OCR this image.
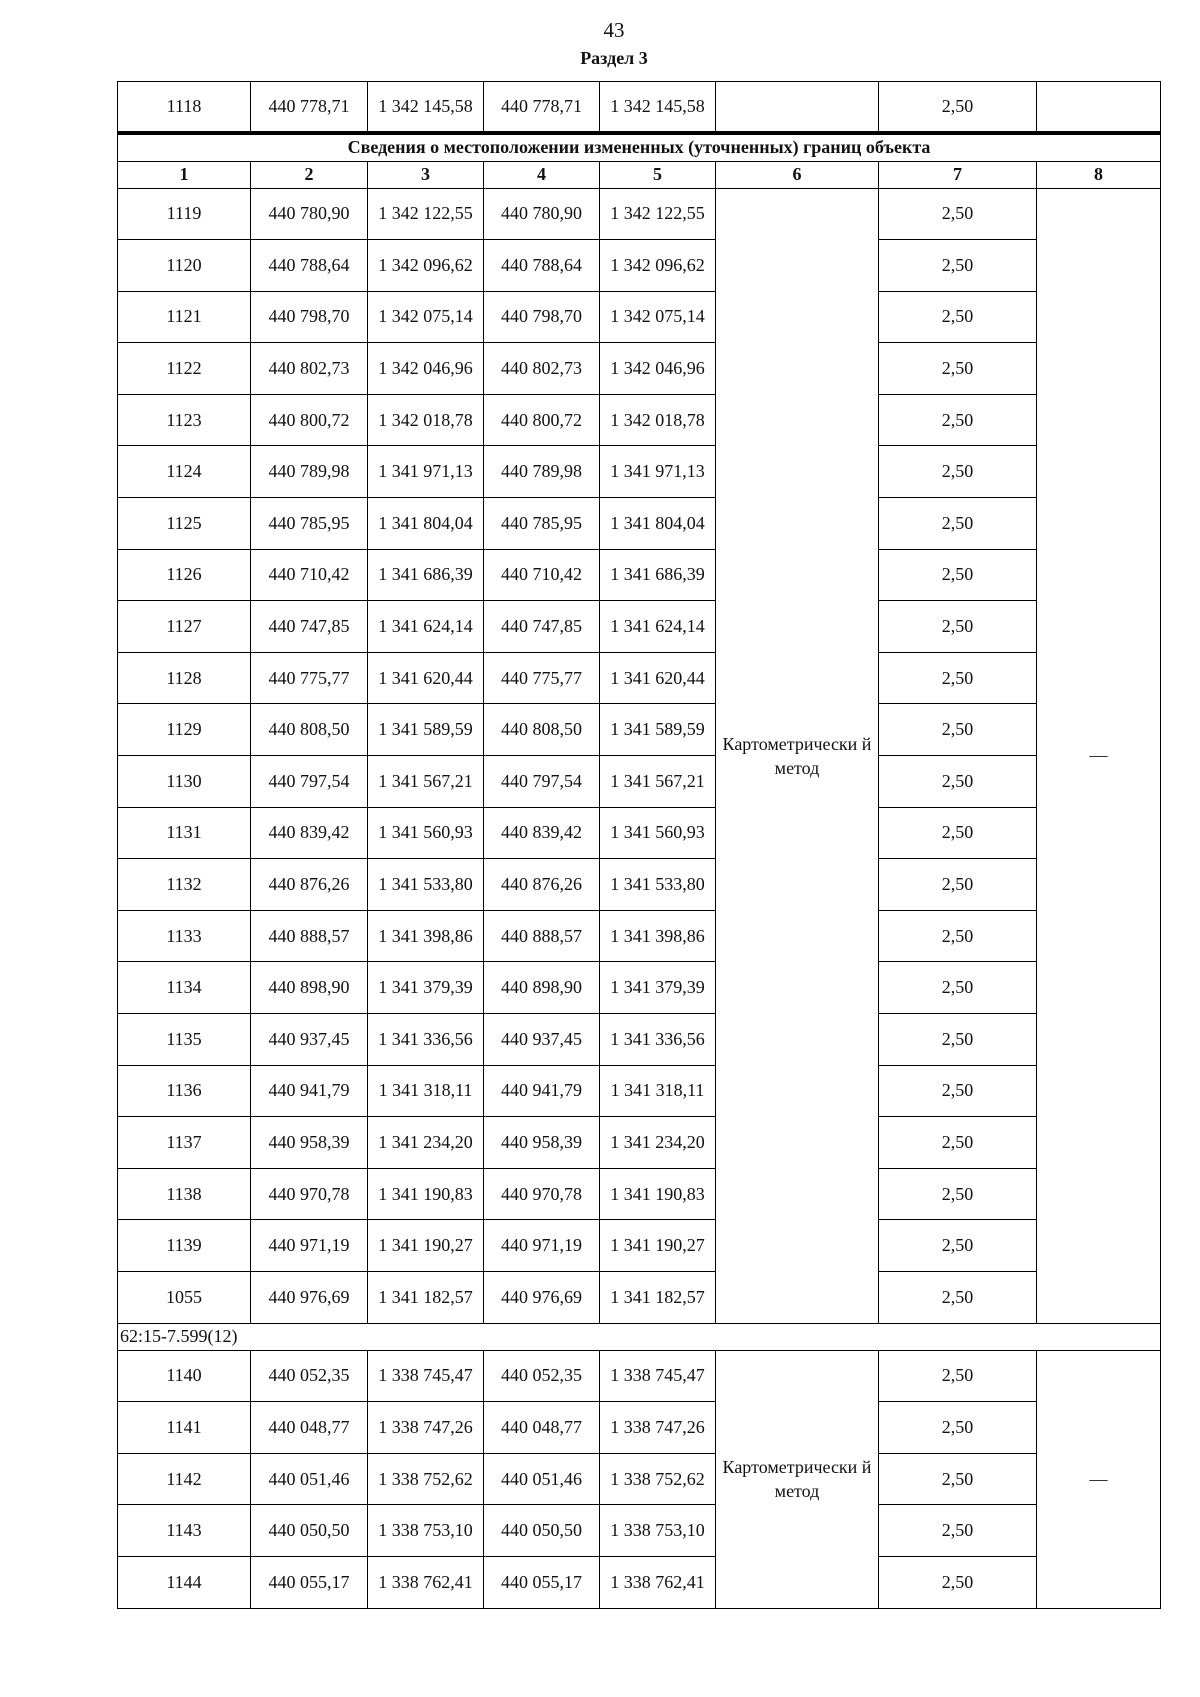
43
Раздел 3
1118	440 778,71	1 342 145,58	440 778,71	1 342 145,58		2,50	
Сведения о местоположении измененных (уточненных) границ объекта							
1	2	3	4	5	6	7	8
1119	440 780,90	1 342 122,55	440 780,90	1 342 122,55	Картометрически й метод	2,50	—
1120	440 788,64	1 342 096,62	440 788,64	1 342 096,62		2,50	
1121	440 798,70	1 342 075,14	440 798,70	1 342 075,14		2,50	
1122	440 802,73	1 342 046,96	440 802,73	1 342 046,96		2,50	
1123	440 800,72	1 342 018,78	440 800,72	1 342 018,78		2,50	
1124	440 789,98	1 341 971,13	440 789,98	1 341 971,13		2,50	
1125	440 785,95	1 341 804,04	440 785,95	1 341 804,04		2,50	
1126	440 710,42	1 341 686,39	440 710,42	1 341 686,39		2,50	
1127	440 747,85	1 341 624,14	440 747,85	1 341 624,14		2,50	
1128	440 775,77	1 341 620,44	440 775,77	1 341 620,44		2,50	
1129	440 808,50	1 341 589,59	440 808,50	1 341 589,59		2,50	
1130	440 797,54	1 341 567,21	440 797,54	1 341 567,21		2,50	
1131	440 839,42	1 341 560,93	440 839,42	1 341 560,93		2,50	
1132	440 876,26	1 341 533,80	440 876,26	1 341 533,80		2,50	
1133	440 888,57	1 341 398,86	440 888,57	1 341 398,86		2,50	
1134	440 898,90	1 341 379,39	440 898,90	1 341 379,39		2,50	
1135	440 937,45	1 341 336,56	440 937,45	1 341 336,56		2,50	
1136	440 941,79	1 341 318,11	440 941,79	1 341 318,11		2,50	
1137	440 958,39	1 341 234,20	440 958,39	1 341 234,20		2,50	
1138	440 970,78	1 341 190,83	440 970,78	1 341 190,83		2,50	
1139	440 971,19	1 341 190,27	440 971,19	1 341 190,27		2,50	
1055	440 976,69	1 341 182,57	440 976,69	1 341 182,57		2,50	
62:15-7.599(12)							
1140	440 052,35	1 338 745,47	440 052,35	1 338 745,47	Картометрически й метод	2,50	—
1141	440 048,77	1 338 747,26	440 048,77	1 338 747,26		2,50	
1142	440 051,46	1 338 752,62	440 051,46	1 338 752,62		2,50	
1143	440 050,50	1 338 753,10	440 050,50	1 338 753,10		2,50	
1144	440 055,17	1 338 762,41	440 055,17	1 338 762,41		2,50	
